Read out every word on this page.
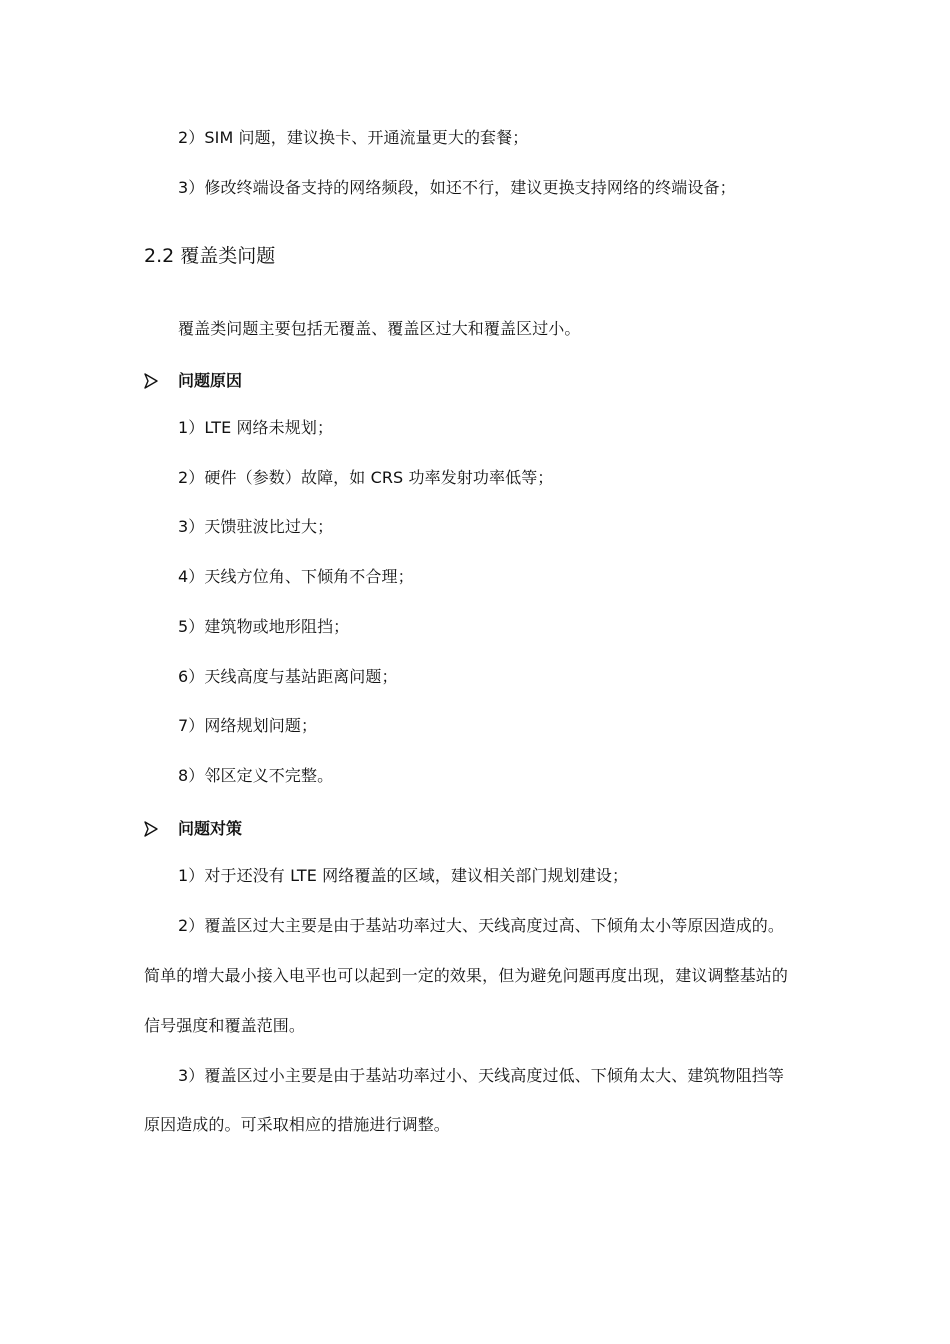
2）SIM 问题，建议换卡、开通流量更大的套餐；
3）修改终端设备支持的网络频段，如还不行，建议更换支持网络的终端设备；
2.2 覆盖类问题
覆盖类问题主要包括无覆盖、覆盖区过大和覆盖区过小。
问题原因
1）LTE 网络未规划；
2）硬件（参数）故障，如 CRS 功率发射功率低等；
3）天馈驻波比过大；
4）天线方位角、下倾角不合理；
5）建筑物或地形阻挡；
6）天线高度与基站距离问题；
7）网络规划问题；
8）邻区定义不完整。
问题对策
1）对于还没有 LTE 网络覆盖的区域，建议相关部门规划建设；
2）覆盖区过大主要是由于基站功率过大、天线高度过高、下倾角太小等原因造成的。
简单的增大最小接入电平也可以起到一定的效果，但为避免问题再度出现，建议调整基站的
信号强度和覆盖范围。
3）覆盖区过小主要是由于基站功率过小、天线高度过低、下倾角太大、建筑物阻挡等
原因造成的。可采取相应的措施进行调整。
